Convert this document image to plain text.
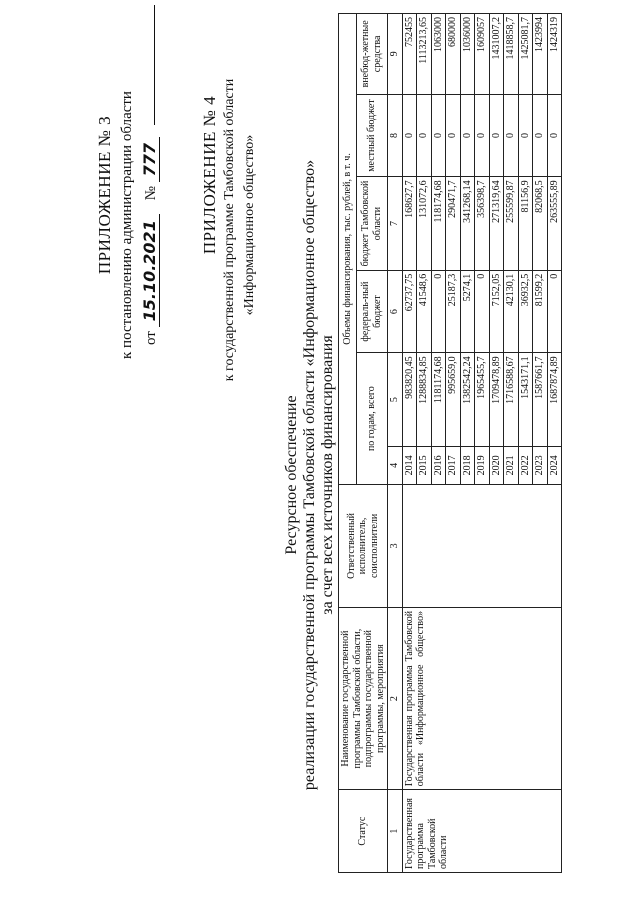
ПРИЛОЖЕНИЕ № 3 к постановлению администрации области от 15.10.2021 № 777 ПРИЛОЖЕНИЕ № 4 к государственной программе Тамбовской области «Информационное общество»
Ресурсное обеспечение реализации государственной программы Тамбовской области «Информационное общество» за счет всех источников финансирования
Статус	Наименование государственной программы Тамбовской области, подпрограммы государственной программы, мероприятия	Ответственный исполнитель, соисполнители	Объемы финансирования, тыс. рублей, в т. ч.					
			по годам, всего		федераль-ный бюджет	бюджет Тамбовской области	местный бюджет	внебюд-жетные средства
1	2	3	4	5	6	7	8	9
Государственная программа Тамбовской области	Государственная программа Тамбовской области «Информационное общество»		2014	983820,45	62737,75	168627,7	0	752455
			2015	1288834,85	41548,6	131072,6	0	1113213,65
			2016	1181174,68	0	118174,68	0	1063000
			2017	995659,0	25187,3	290471,7	0	680000
			2018	1382542,24	5274,1	341268,14	0	1036000
			2019	1965455,7	0	356398,7	0	1609057
			2020	1709478,89	7152,05	271319,64	0	1431007,2
			2021	1716588,67	42130,1	255599,87	0	1418858,7
			2022	1543171,1	36932,5	81156,9	0	1425081,7
			2023	1587661,7	81599,2	82068,5	0	1423994
			2024	1687874,89	0	263555,89	0	1424319
